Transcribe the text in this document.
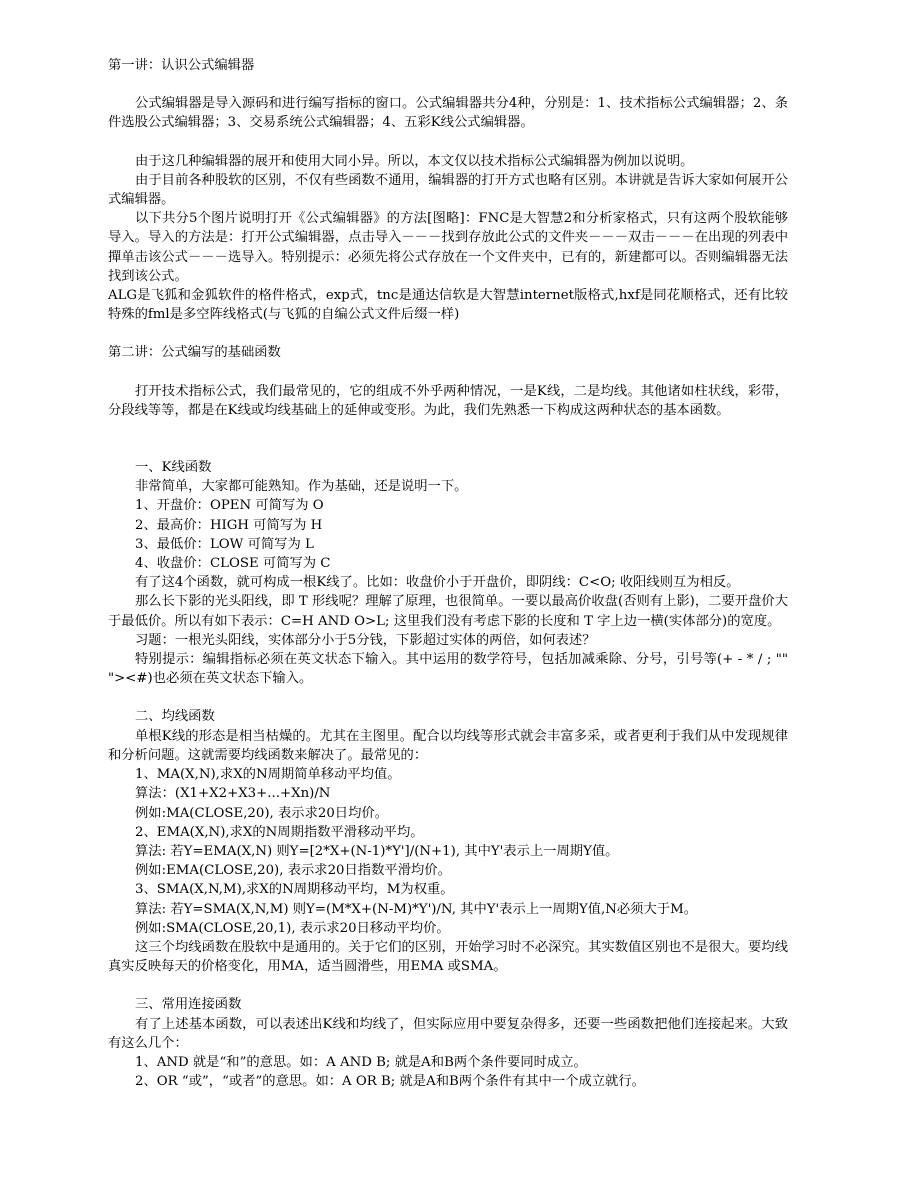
第一讲：认识公式编辑器

公式编辑器是导入源码和进行编写指标的窗口。公式编辑器共分4种，分别是：1、技术指标公式编辑器；2、条件选股公式编辑器；3、交易系统公式编辑器；4、五彩K线公式编辑器。

由于这几种编辑器的展开和使用大同小异。所以，本文仅以技术指标公式编辑器为例加以说明。

由于目前各种股软的区别，不仅有些函数不通用，编辑器的打开方式也略有区别。本讲就是告诉大家如何展开公式编辑器。

以下共分5个图片说明打开《公式编辑器》的方法[图略]：FNC是大智慧2和分析家格式，只有这两个股软能够导入。导入的方法是：打开公式编辑器，点击导入－－－找到存放此公式的文件夹－－－双击－－－在出现的列表中撣单击该公式－－－选导入。特别提示：必须先将公式存放在一个文件夹中，已有的，新建都可以。否则编辑器无法找到该公式。

ALG是飞狐和金狐软件的格件格式，exp式，tnc是通达信软是大智慧internet版格式,hxf是同花顺格式，还有比较特殊的fml是多空阵线格式(与飞狐的自编公式文件后缀一样)

第二讲：公式编写的基础函数

打开技术指标公式，我们最常见的，它的组成不外乎两种情况，一是K线，二是均线。其他诸如柱状线，彩带，分段线等等，都是在K线或均线基础上的延伸或变形。为此，我们先熟悉一下构成这两种状态的基本函数。

一、K线函数

非常简单，大家都可能熟知。作为基础，还是说明一下。

1、开盘价：OPEN 可简写为 O

2、最高价：HIGH 可简写为 H

3、最低价：LOW 可简写为 L

4、收盘价：CLOSE 可简写为 C

有了这4个函数，就可构成一根K线了。比如：收盘价小于开盘价，即阴线：C<O; 收阳线则互为相反。

那么长下影的光头阳线，即 T 形线呢？理解了原理，也很简单。一要以最高价收盘(否则有上影)，二要开盘价大于最低价。所以有如下表示：C=H AND O>L; 这里我们没有考虑下影的长度和 T 字上边一横(实体部分)的宽度。

习题：一根光头阳线，实体部分小于5分钱，下影超过实体的两倍，如何表述？

特别提示：编辑指标必须在英文状态下输入。其中运用的数学符号，包括加减乘除、分号，引号等(+ - * / ; "" "><#)也必须在英文状态下输入。

二、均线函数

单根K线的形态是相当枯燥的。尤其在主图里。配合以均线等形式就会丰富多采，或者更利于我们从中发现规律和分析问题。这就需要均线函数来解决了。最常见的：

1、MA(X,N),求X的N周期简单移动平均值。

算法：(X1+X2+X3+...+Xn)/N

例如:MA(CLOSE,20), 表示求20日均价。

2、EMA(X,N),求X的N周期指数平滑移动平均。

算法: 若Y=EMA(X,N) 则Y=[2*X+(N-1)*Y']/(N+1), 其中Y'表示上一周期Y值。

例如:EMA(CLOSE,20), 表示求20日指数平滑均价。

3、SMA(X,N,M),求X的N周期移动平均，M为权重。

算法: 若Y=SMA(X,N,M) 则Y=(M*X+(N-M)*Y')/N, 其中Y'表示上一周期Y值,N必须大于M。

例如:SMA(CLOSE,20,1), 表示求20日移动平均价。

这三个均线函数在股软中是通用的。关于它们的区别，开始学习时不必深究。其实数值区别也不是很大。要均线真实反映每天的价格变化，用MA，适当圆滑些，用EMA 或SMA。

三、常用连接函数

有了上述基本函数，可以表述出K线和均线了，但实际应用中要复杂得多，还要一些函数把他们连接起来。大致有这么几个：

1、AND 就是“和”的意思。如：A AND B; 就是A和B两个条件要同时成立。

2、OR “或”，“或者”的意思。如：A OR B; 就是A和B两个条件有其中一个成立就行。
